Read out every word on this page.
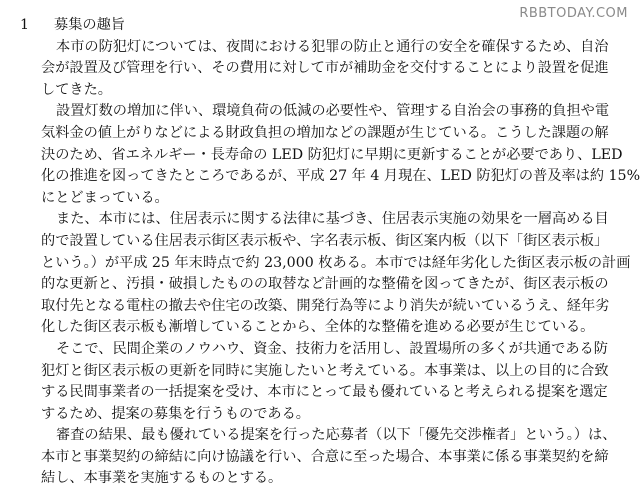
RBBTODAY.COM
1	募集の趣旨

本市の防犯灯については、夜間における犯罪の防止と通行の安全を確保するため、自治
会が設置及び管理を行い、その費用に対して市が補助金を交付することにより設置を促進
してきた。

設置灯数の増加に伴い、環境負荷の低減の必要性や、管理する自治会の事務的負担や電
気料金の値上がりなどによる財政負担の増加などの課題が生じている。こうした課題の解
決のため、省エネルギー・長寿命の LED 防犯灯に早期に更新することが必要であり、LED
化の推進を図ってきたところであるが、平成 27 年 4 月現在、LED 防犯灯の普及率は約 15%
にとどまっている。

また、本市には、住居表示に関する法律に基づき、住居表示実施の効果を一層高める目
的で設置している住居表示街区表示板や、字名表示板、街区案内板（以下「街区表示板」
という。）が平成 25 年末時点で約 23,000 枚ある。本市では経年劣化した街区表示板の計画
的な更新と、汚損・破損したものの取替など計画的な整備を図ってきたが、街区表示板の
取付先となる電柱の撤去や住宅の改築、開発行為等により消失が続いているうえ、経年劣
化した街区表示板も漸増していることから、全体的な整備を進める必要が生じている。

そこで、民間企業のノウハウ、資金、技術力を活用し、設置場所の多くが共通である防
犯灯と街区表示板の更新を同時に実施したいと考えている。本事業は、以上の目的に合致
する民間事業者の一括提案を受け、本市にとって最も優れていると考えられる提案を選定
するため、提案の募集を行うものである。

審査の結果、最も優れている提案を行った応募者（以下「優先交渉権者」という。）は、
本市と事業契約の締結に向け協議を行い、合意に至った場合、本事業に係る事業契約を締
結し、本事業を実施するものとする。
